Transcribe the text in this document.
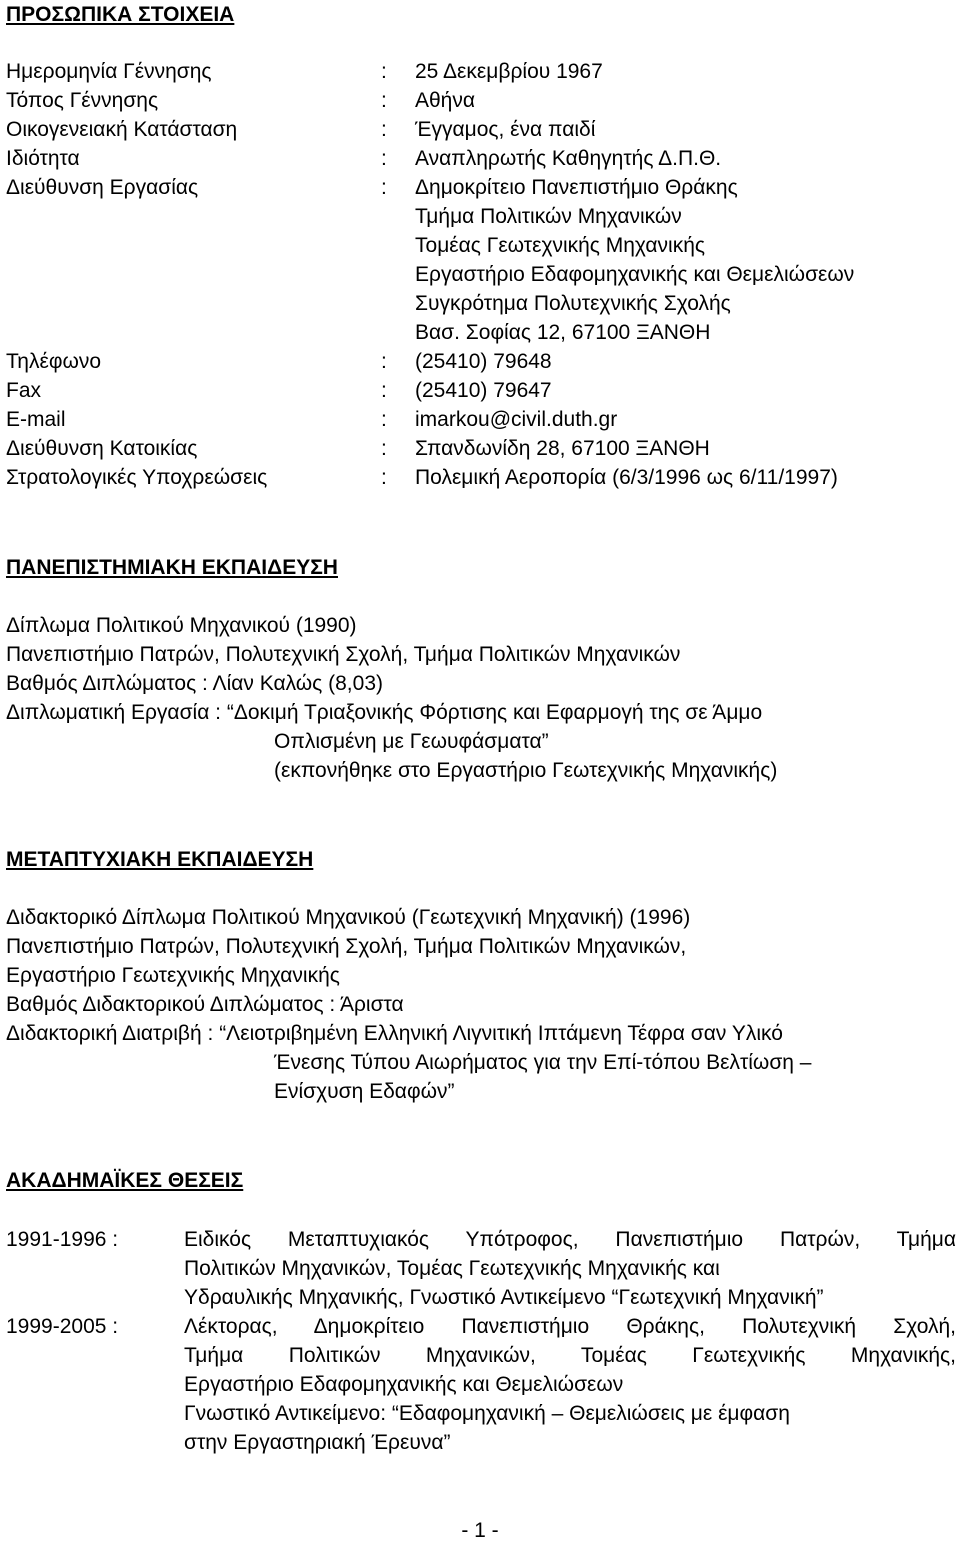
ΠΡΟΣΩΠΙΚΑ ΣΤΟΙΧΕΙΑ
Ημερομηνία Γέννησης	:	25 Δεκεμβρίου 1967
Τόπος Γέννησης	:	Αθήνα
Οικογενειακή Κατάσταση	:	Έγγαμος, ένα παιδί
Ιδιότητα	:	Αναπληρωτής Καθηγητής Δ.Π.Θ.
Διεύθυνση Εργασίας	:	Δημοκρίτειο Πανεπιστήμιο Θράκης
Τμήμα Πολιτικών Μηχανικών
Τομέας Γεωτεχνικής Μηχανικής
Εργαστήριο Εδαφομηχανικής και Θεμελιώσεων
Συγκρότημα Πολυτεχνικής Σχολής
Βασ. Σοφίας 12, 67100 ΞΑΝΘΗ
Τηλέφωνο	:	(25410) 79648
Fax	:	(25410) 79647
E-mail	:	imarkou@civil.duth.gr
Διεύθυνση Κατοικίας	:	Σπανδωνίδη 28, 67100 ΞΑΝΘΗ
Στρατολογικές Υποχρεώσεις	:	Πολεμική Αεροπορία (6/3/1996 ως 6/11/1997)
ΠΑΝΕΠΙΣΤΗΜΙΑΚΗ ΕΚΠΑΙΔΕΥΣΗ
Δίπλωμα Πολιτικού Μηχανικού (1990)
Πανεπιστήμιο Πατρών, Πολυτεχνική Σχολή, Τμήμα Πολιτικών Μηχανικών
Βαθμός Διπλώματος : Λίαν Καλώς (8,03)
Διπλωματική Εργασία : “Δοκιμή Τριαξονικής Φόρτισης και Εφαρμογή της σε Άμμο
Οπλισμένη με Γεωυφάσματα”
(εκπονήθηκε στο Εργαστήριο Γεωτεχνικής Μηχανικής)
ΜΕΤΑΠΤΥΧΙΑΚΗ ΕΚΠΑΙΔΕΥΣΗ
Διδακτορικό Δίπλωμα Πολιτικού Μηχανικού (Γεωτεχνική Μηχανική) (1996)
Πανεπιστήμιο Πατρών, Πολυτεχνική Σχολή, Τμήμα Πολιτικών Μηχανικών,
Εργαστήριο Γεωτεχνικής Μηχανικής
Βαθμός Διδακτορικού Διπλώματος : Άριστα
Διδακτορική Διατριβή : “Λειοτριβημένη Ελληνική Λιγνιτική Ιπτάμενη Τέφρα σαν Υλικό
Ένεσης Τύπου Αιωρήματος για την Επί-τόπου Βελτίωση –
Ενίσχυση Εδαφών”
ΑΚΑΔΗΜΑΪΚΕΣ ΘΕΣΕΙΣ
1991-1996 :	Ειδικός Μεταπτυχιακός Υπότροφος, Πανεπιστήμιο Πατρών, Τμήμα
Πολιτικών Μηχανικών, Τομέας Γεωτεχνικής Μηχανικής και
Υδραυλικής Μηχανικής, Γνωστικό Αντικείμενο “Γεωτεχνική Μηχανική”
1999-2005 :	Λέκτορας, Δημοκρίτειο Πανεπιστήμιο Θράκης, Πολυτεχνική Σχολή,
Τμήμα Πολιτικών Μηχανικών, Τομέας Γεωτεχνικής Μηχανικής,
Εργαστήριο Εδαφομηχανικής και Θεμελιώσεων
Γνωστικό Αντικείμενο: “Εδαφομηχανική – Θεμελιώσεις με έμφαση
στην Εργαστηριακή Έρευνα”
- 1 -
